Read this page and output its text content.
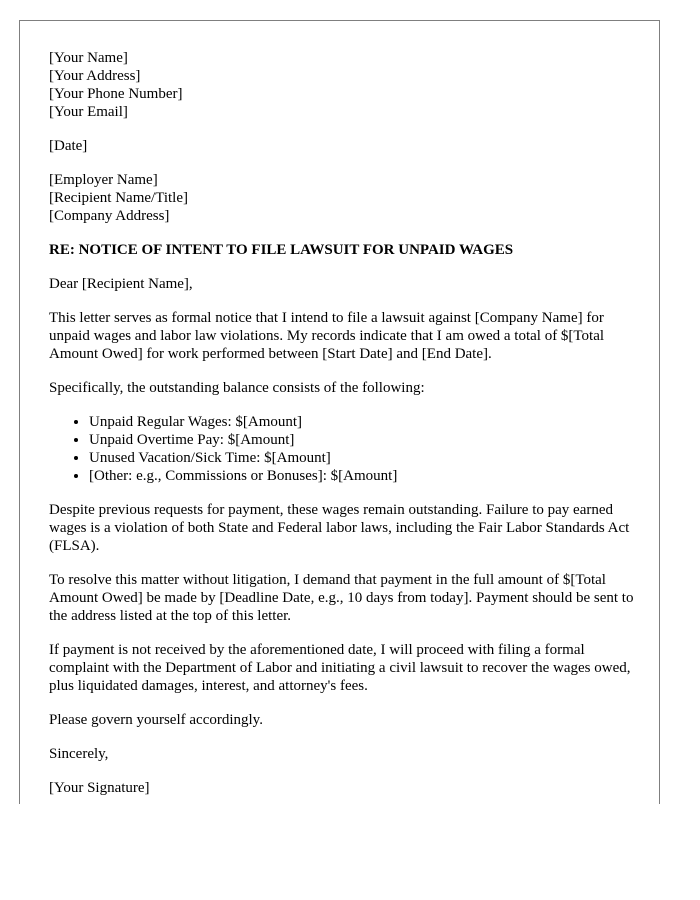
[Your Name]
[Your Address]
[Your Phone Number]
[Your Email]
[Date]
[Employer Name]
[Recipient Name/Title]
[Company Address]
RE: NOTICE OF INTENT TO FILE LAWSUIT FOR UNPAID WAGES

Dear [Recipient Name],

This letter serves as formal notice that I intend to file a lawsuit against [Company Name] for unpaid wages and labor law violations. My records indicate that I am owed a total of $[Total Amount Owed] for work performed between [Start Date] and [End Date].

Specifically, the outstanding balance consists of the following:

• Unpaid Regular Wages: $[Amount]
• Unpaid Overtime Pay: $[Amount]
• Unused Vacation/Sick Time: $[Amount]
• [Other: e.g., Commissions or Bonuses]: $[Amount]

Despite previous requests for payment, these wages remain outstanding. Failure to pay earned wages is a violation of both State and Federal labor laws, including the Fair Labor Standards Act (FLSA).

To resolve this matter without litigation, I demand that payment in the full amount of $[Total Amount Owed] be made by [Deadline Date, e.g., 10 days from today]. Payment should be sent to the address listed at the top of this letter.

If payment is not received by the aforementioned date, I will proceed with filing a formal complaint with the Department of Labor and initiating a civil lawsuit to recover the wages owed, plus liquidated damages, interest, and attorney's fees.

Please govern yourself accordingly.

Sincerely,

[Your Signature]
